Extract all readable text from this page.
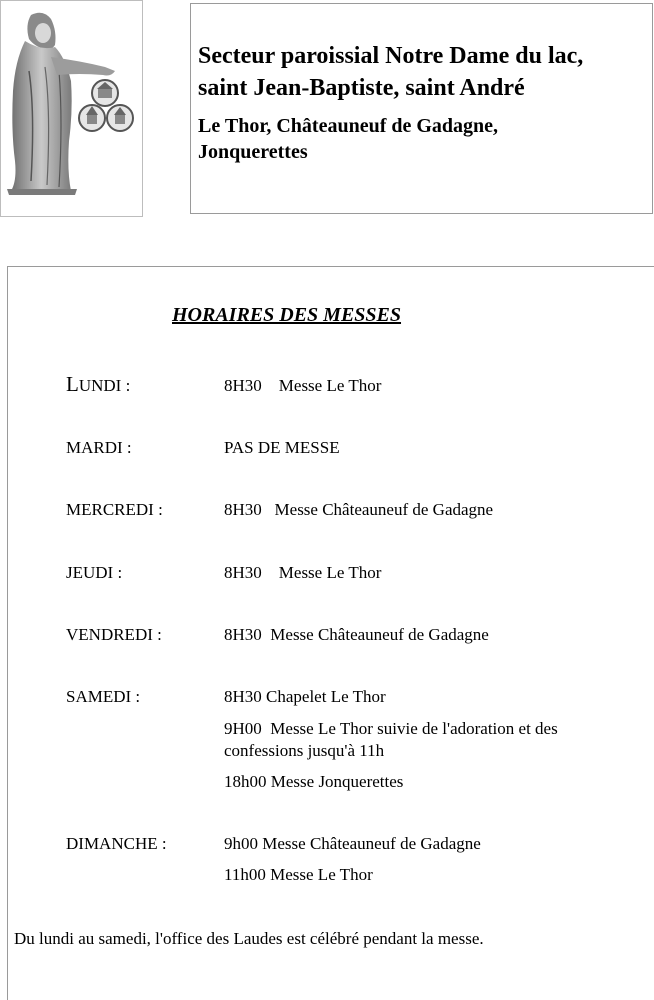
Secteur paroissial Notre Dame du lac,
saint Jean-Baptiste, saint André

Le Thor, Châteauneuf de Gadagne,
Jonquerettes

HORAIRES DES MESSES

LUNDI :	8H30    Messe Le Thor
MARDI :	PAS DE MESSE
MERCREDI :	8H30   Messe Châteauneuf de Gadagne
JEUDI :	8H30    Messe Le Thor
VENDREDI :	8H30  Messe Châteauneuf de Gadagne
SAMEDI :	8H30 Chapelet Le Thor
9H00  Messe Le Thor suivie de l'adoration et des
confessions jusqu'à 11h
18h00 Messe Jonquerettes
DIMANCHE :	9h00 Messe Châteauneuf de Gadagne
11h00 Messe Le Thor

Du lundi au samedi, l'office des Laudes est célébré pendant la messe.
